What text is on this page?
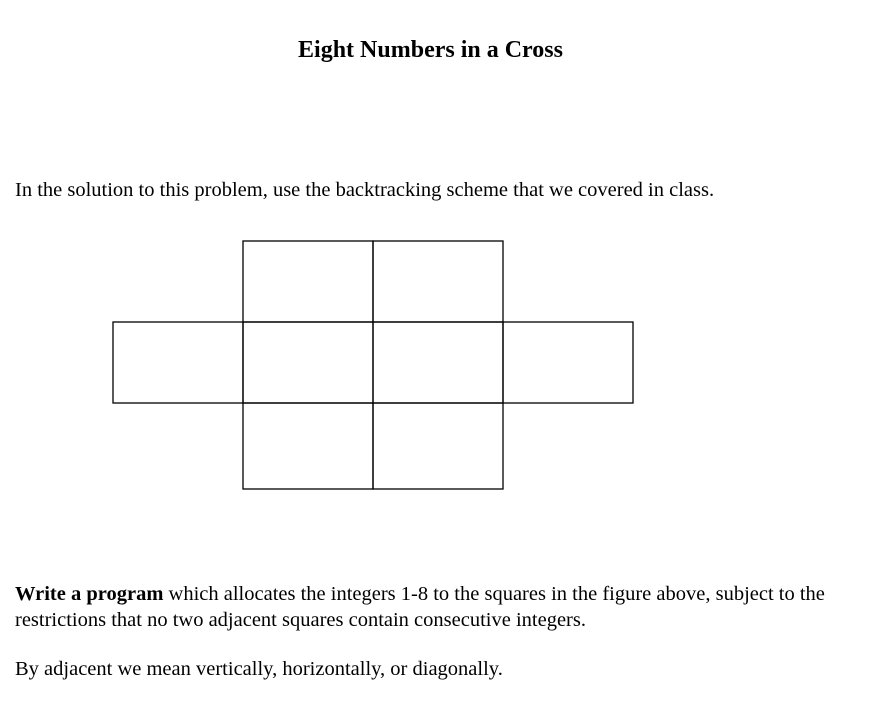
Eight Numbers in a Cross

In the solution to this problem, use the backtracking scheme that we covered in class.

Write a program which allocates the integers 1-8 to the squares in the figure above, subject to the restrictions that no two adjacent squares contain consecutive integers.

By adjacent we mean vertically, horizontally, or diagonally.
